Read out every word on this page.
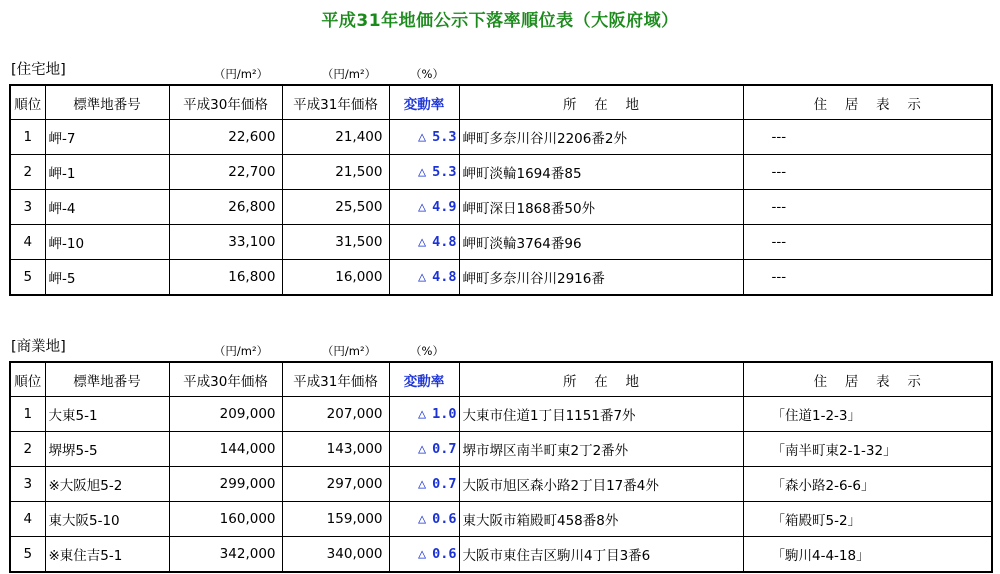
平成31年地価公示下落率順位表（大阪府域）
[住宅地]	（円/m²）	（円/m²）	（%）
順位	標準地番号	平成30年価格	平成31年価格	変動率	所　 在　 地	住　 居　 表　 示
1	岬-7	22,600	21,400	△ 5.3	岬町多奈川谷川2206番2外	---
2	岬-1	22,700	21,500	△ 5.3	岬町淡輪1694番85	---
3	岬-4	26,800	25,500	△ 4.9	岬町深日1868番50外	---
4	岬-10	33,100	31,500	△ 4.8	岬町淡輪3764番96	---
5	岬-5	16,800	16,000	△ 4.8	岬町多奈川谷川2916番	---
[商業地]	（円/m²）	（円/m²）	（%）
順位	標準地番号	平成30年価格	平成31年価格	変動率	所　 在　 地	住　 居　 表　 示
1	大東5-1	209,000	207,000	△ 1.0	大東市住道1丁目1151番7外	「住道1-2-3」
2	堺堺5-5	144,000	143,000	△ 0.7	堺市堺区南半町東2丁2番外	「南半町東2-1-32」
3	※大阪旭5-2	299,000	297,000	△ 0.7	大阪市旭区森小路2丁目17番4外	「森小路2-6-6」
4	東大阪5-10	160,000	159,000	△ 0.6	東大阪市箱殿町458番8外	「箱殿町5-2」
5	※東住吉5-1	342,000	340,000	△ 0.6	大阪市東住吉区駒川4丁目3番6	「駒川4-4-18」
